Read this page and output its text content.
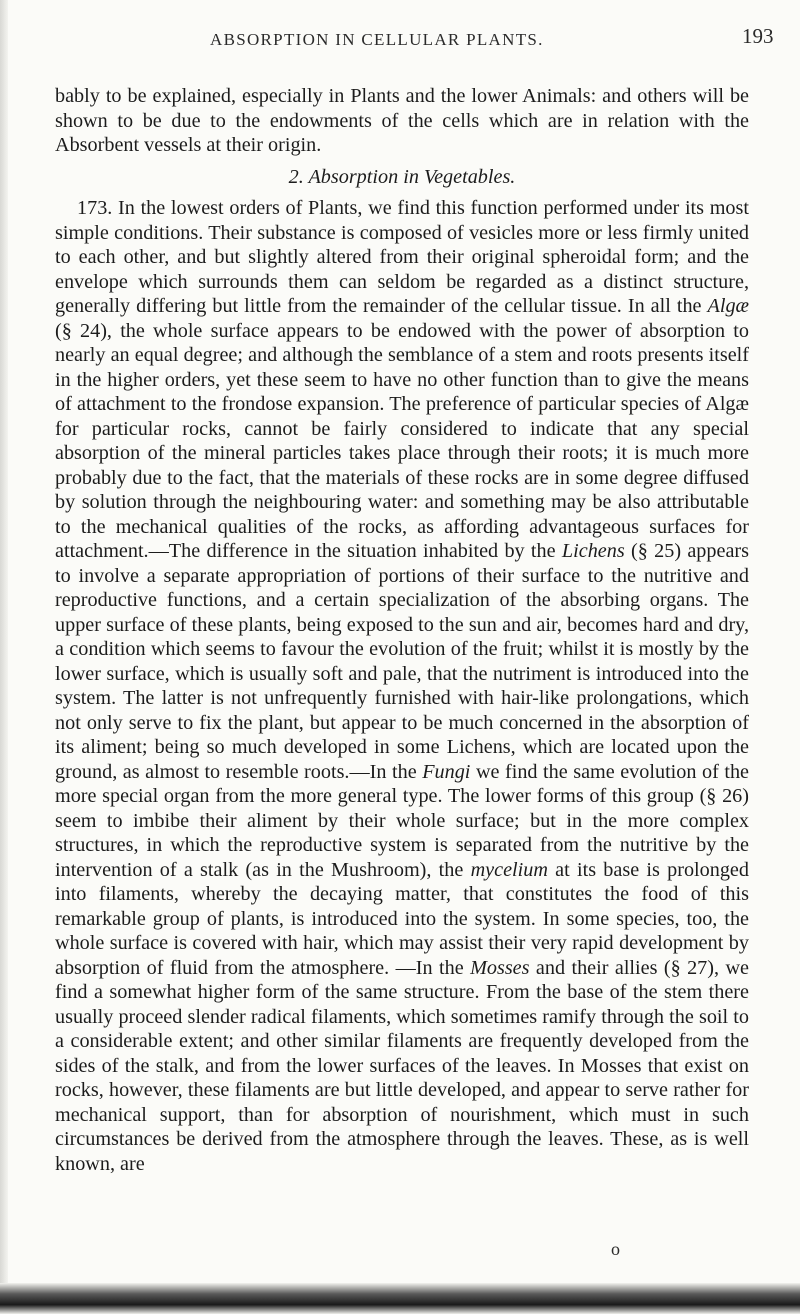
ABSORPTION IN CELLULAR PLANTS.	193

bably to be explained, especially in Plants and the lower Animals: and others will be shown to be due to the endowments of the cells which are in relation with the Absorbent vessels at their origin.

2. Absorption in Vegetables.

173. In the lowest orders of Plants, we find this function performed under its most simple conditions. Their substance is composed of vesicles more or less firmly united to each other, and but slightly altered from their original spheroidal form; and the envelope which surrounds them can seldom be regarded as a distinct structure, generally differing but little from the remainder of the cellular tissue. In all the Algæ (§ 24), the whole surface appears to be endowed with the power of absorption to nearly an equal degree; and although the semblance of a stem and roots presents itself in the higher orders, yet these seem to have no other function than to give the means of attachment to the frondose expansion. The preference of particular species of Algæ for particular rocks, cannot be fairly considered to indicate that any special absorption of the mineral particles takes place through their roots; it is much more probably due to the fact, that the materials of these rocks are in some degree diffused by solution through the neighbouring water: and something may be also attributable to the mechanical qualities of the rocks, as affording advantageous surfaces for attachment.—The difference in the situation inhabited by the Lichens (§ 25) appears to involve a separate appropriation of portions of their surface to the nutritive and reproductive functions, and a certain specialization of the absorbing organs. The upper surface of these plants, being exposed to the sun and air, becomes hard and dry, a condition which seems to favour the evolution of the fruit; whilst it is mostly by the lower surface, which is usually soft and pale, that the nutriment is introduced into the system. The latter is not unfrequently furnished with hair-like prolongations, which not only serve to fix the plant, but appear to be much concerned in the absorption of its aliment; being so much developed in some Lichens, which are located upon the ground, as almost to resemble roots.—In the Fungi we find the same evolution of the more special organ from the more general type. The lower forms of this group (§ 26) seem to imbibe their aliment by their whole surface; but in the more complex structures, in which the reproductive system is separated from the nutritive by the intervention of a stalk (as in the Mushroom), the mycelium at its base is prolonged into filaments, whereby the decaying matter, that constitutes the food of this remarkable group of plants, is introduced into the system. In some species, too, the whole surface is covered with hair, which may assist their very rapid development by absorption of fluid from the atmosphere. —In the Mosses and their allies (§ 27), we find a somewhat higher form of the same structure. From the base of the stem there usually proceed slender radical filaments, which sometimes ramify through the soil to a considerable extent; and other similar filaments are frequently developed from the sides of the stalk, and from the lower surfaces of the leaves. In Mosses that exist on rocks, however, these filaments are but little developed, and appear to serve rather for mechanical support, than for absorption of nourishment, which must in such circumstances be derived from the atmosphere through the leaves. These, as is well known, are

o
